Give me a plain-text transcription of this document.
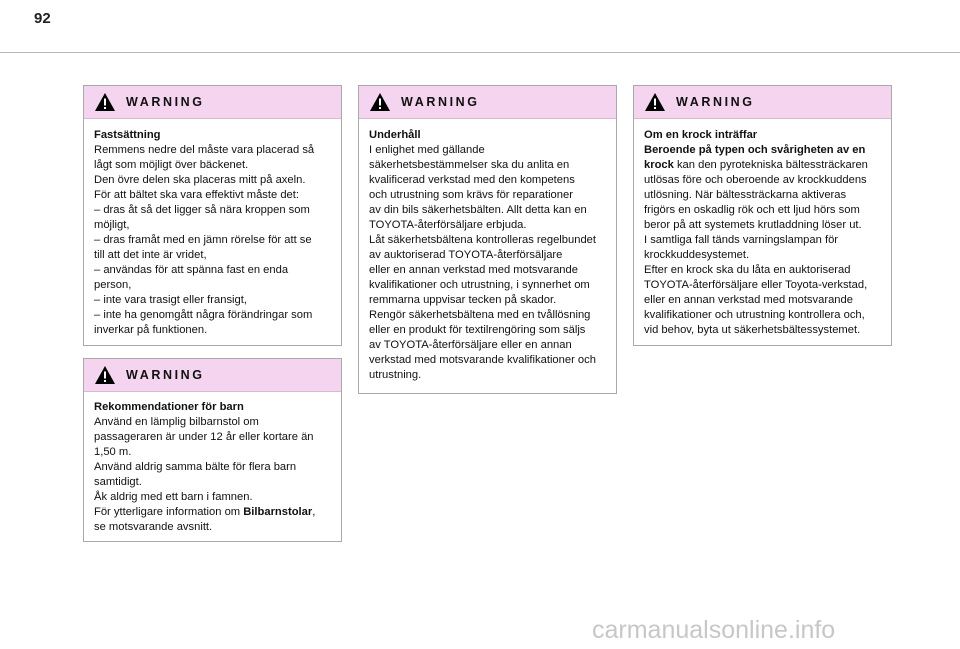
92
WARNING
Fastsättning
Remmens nedre del måste vara placerad så
lågt som möjligt över bäckenet.
Den övre delen ska placeras mitt på axeln.
För att bältet ska vara effektivt måste det:
– dras åt så det ligger så nära kroppen som
möjligt,
– dras framåt med en jämn rörelse för att se
till att det inte är vridet,
– användas för att spänna fast en enda
person,
– inte vara trasigt eller fransigt,
– inte ha genomgått några förändringar som
inverkar på funktionen.
WARNING
Rekommendationer för barn
Använd en lämplig bilbarnstol om
passageraren är under 12 år eller kortare än
1,50 m.
Använd aldrig samma bälte för flera barn
samtidigt.
Åk aldrig med ett barn i famnen.
För ytterligare information om Bilbarnstolar,
se motsvarande avsnitt.
WARNING
Underhåll
I enlighet med gällande
säkerhetsbestämmelser ska du anlita en
kvalificerad verkstad med den kompetens
och utrustning som krävs för reparationer
av din bils säkerhetsbälten. Allt detta kan en
TOYOTA-återförsäljare erbjuda.
Låt säkerhetsbältena kontrolleras regelbundet
av auktoriserad TOYOTA-återförsäljare
eller en annan verkstad med motsvarande
kvalifikationer och utrustning, i synnerhet om
remmarna uppvisar tecken på skador.
Rengör säkerhetsbältena med en tvållösning
eller en produkt för textilrengöring som säljs
av TOYOTA-återförsäljare eller en annan
verkstad med motsvarande kvalifikationer och
utrustning.
WARNING
Om en krock inträffar
Beroende på typen och svårigheten av en
krock kan den pyrotekniska bältessträckaren
utlösas före och oberoende av krockkuddens
utlösning. När bältessträckarna aktiveras
frigörs en oskadlig rök och ett ljud hörs som
beror på att systemets krutladdning löser ut.
I samtliga fall tänds varningslampan för
krockkuddesystemet.
Efter en krock ska du låta en auktoriserad
TOYOTA-återförsäljare eller Toyota-verkstad,
eller en annan verkstad med motsvarande
kvalifikationer och utrustning kontrollera och,
vid behov, byta ut säkerhetsbältessystemet.
carmanualsonline.info
